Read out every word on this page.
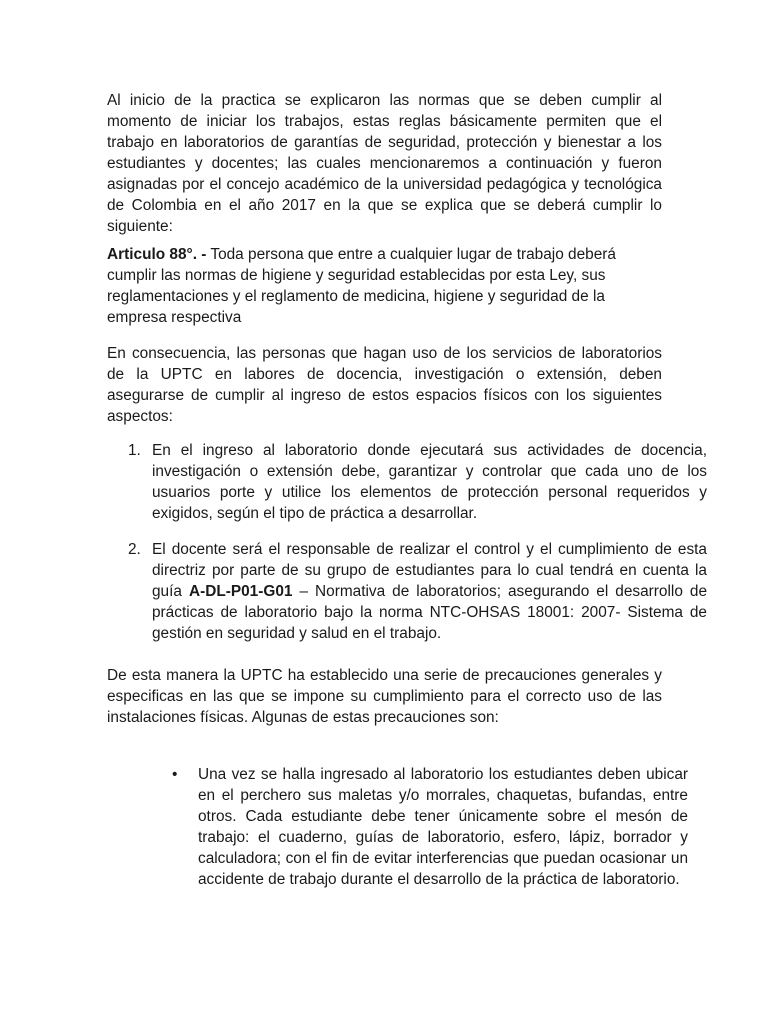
Al inicio de la practica se explicaron las normas que se deben cumplir al momento de iniciar los trabajos, estas reglas básicamente permiten que el trabajo en laboratorios de garantías de seguridad, protección y bienestar a los estudiantes y docentes; las cuales mencionaremos a continuación y fueron asignadas por el concejo académico de la universidad pedagógica y tecnológica de Colombia en el año 2017 en la que se explica que se deberá cumplir lo siguiente:

Articulo 88°. - Toda persona que entre a cualquier lugar de trabajo deberá cumplir las normas de higiene y seguridad establecidas por esta Ley, sus reglamentaciones y el reglamento de medicina, higiene y seguridad de la empresa respectiva

En consecuencia, las personas que hagan uso de los servicios de laboratorios de la UPTC en labores de docencia, investigación o extensión, deben asegurarse de cumplir al ingreso de estos espacios físicos con los siguientes aspectos:

1. En el ingreso al laboratorio donde ejecutará sus actividades de docencia, investigación o extensión debe, garantizar y controlar que cada uno de los usuarios porte y utilice los elementos de protección personal requeridos y exigidos, según el tipo de práctica a desarrollar.
2. El docente será el responsable de realizar el control y el cumplimiento de esta directriz por parte de su grupo de estudiantes para lo cual tendrá en cuenta la guía A-DL-P01-G01 – Normativa de laboratorios; asegurando el desarrollo de prácticas de laboratorio bajo la norma NTC-OHSAS 18001: 2007- Sistema de gestión en seguridad y salud en el trabajo.

De esta manera la UPTC ha establecido una serie de precauciones generales y especificas en las que se impone su cumplimiento para el correcto uso de las instalaciones físicas. Algunas de estas precauciones son:

• Una vez se halla ingresado al laboratorio los estudiantes deben ubicar en el perchero sus maletas y/o morrales, chaquetas, bufandas, entre otros. Cada estudiante debe tener únicamente sobre el mesón de trabajo: el cuaderno, guías de laboratorio, esfero, lápiz, borrador y calculadora; con el fin de evitar interferencias que puedan ocasionar un accidente de trabajo durante el desarrollo de la práctica de laboratorio.
